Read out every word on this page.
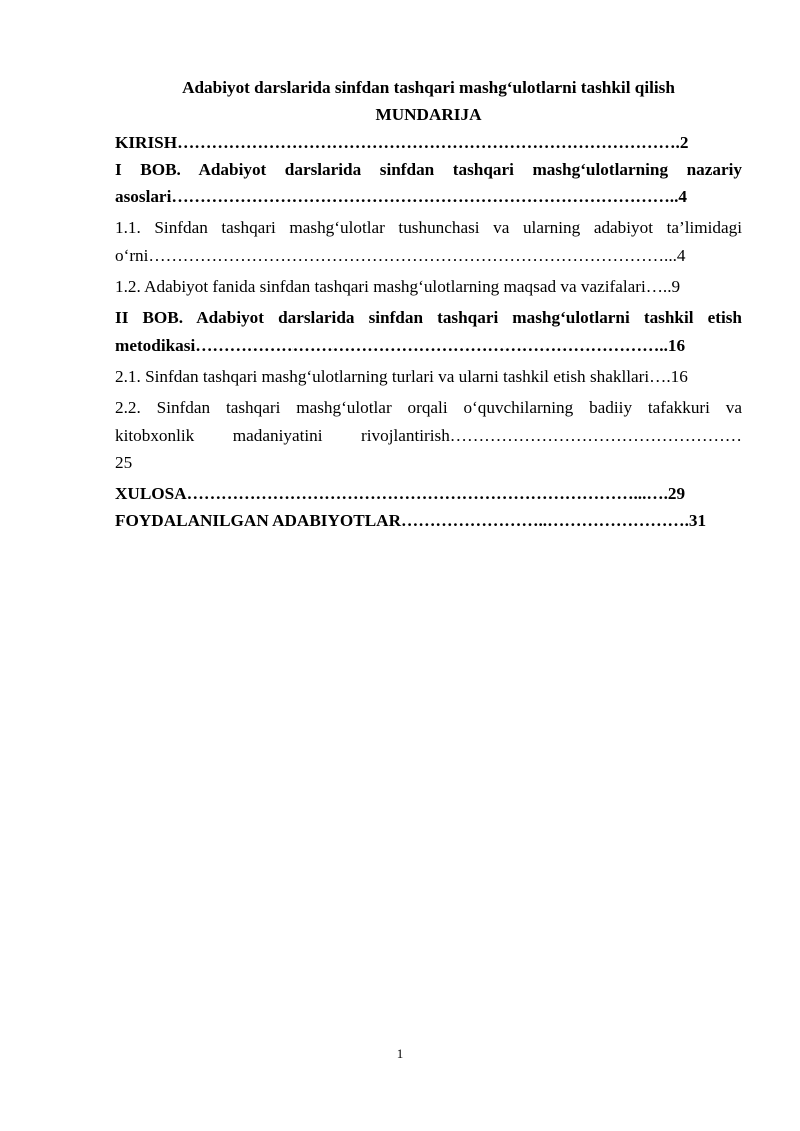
Adabiyot darslarida sinfdan tashqari mashg‘ulotlarni tashkil qilish
MUNDARIJA
KIRISH…………………………………………………………………………….2
I BOB. Adabiyot darslarida sinfdan tashqari mashg‘ulotlarning nazariy
asoslari……………………………………………………………………………..4
1.1. Sinfdan tashqari mashg‘ulotlar tushunchasi va ularning adabiyot ta’limidagi
o‘rni………………………………………………………………………………...4
1.2. Adabiyot fanida sinfdan tashqari mashg‘ulotlarning maqsad va vazifalari…..9
II BOB. Adabiyot darslarida sinfdan tashqari mashg‘ulotlarni tashkil etish
metodikasi………………………………………………………………………..16
2.1. Sinfdan tashqari mashg‘ulotlarning turlari va ularni tashkil etish shakllari….16
2.2. Sinfdan tashqari mashg‘ulotlar orqali o‘quvchilarning badiiy tafakkuri va
kitobxonlik madaniyatini rivojlantirish……………………………………………
25
XULOSA……………………………………………………………………...….29
FOYDALANILGAN ADABIYOTLAR……………………..…………………….31
1
